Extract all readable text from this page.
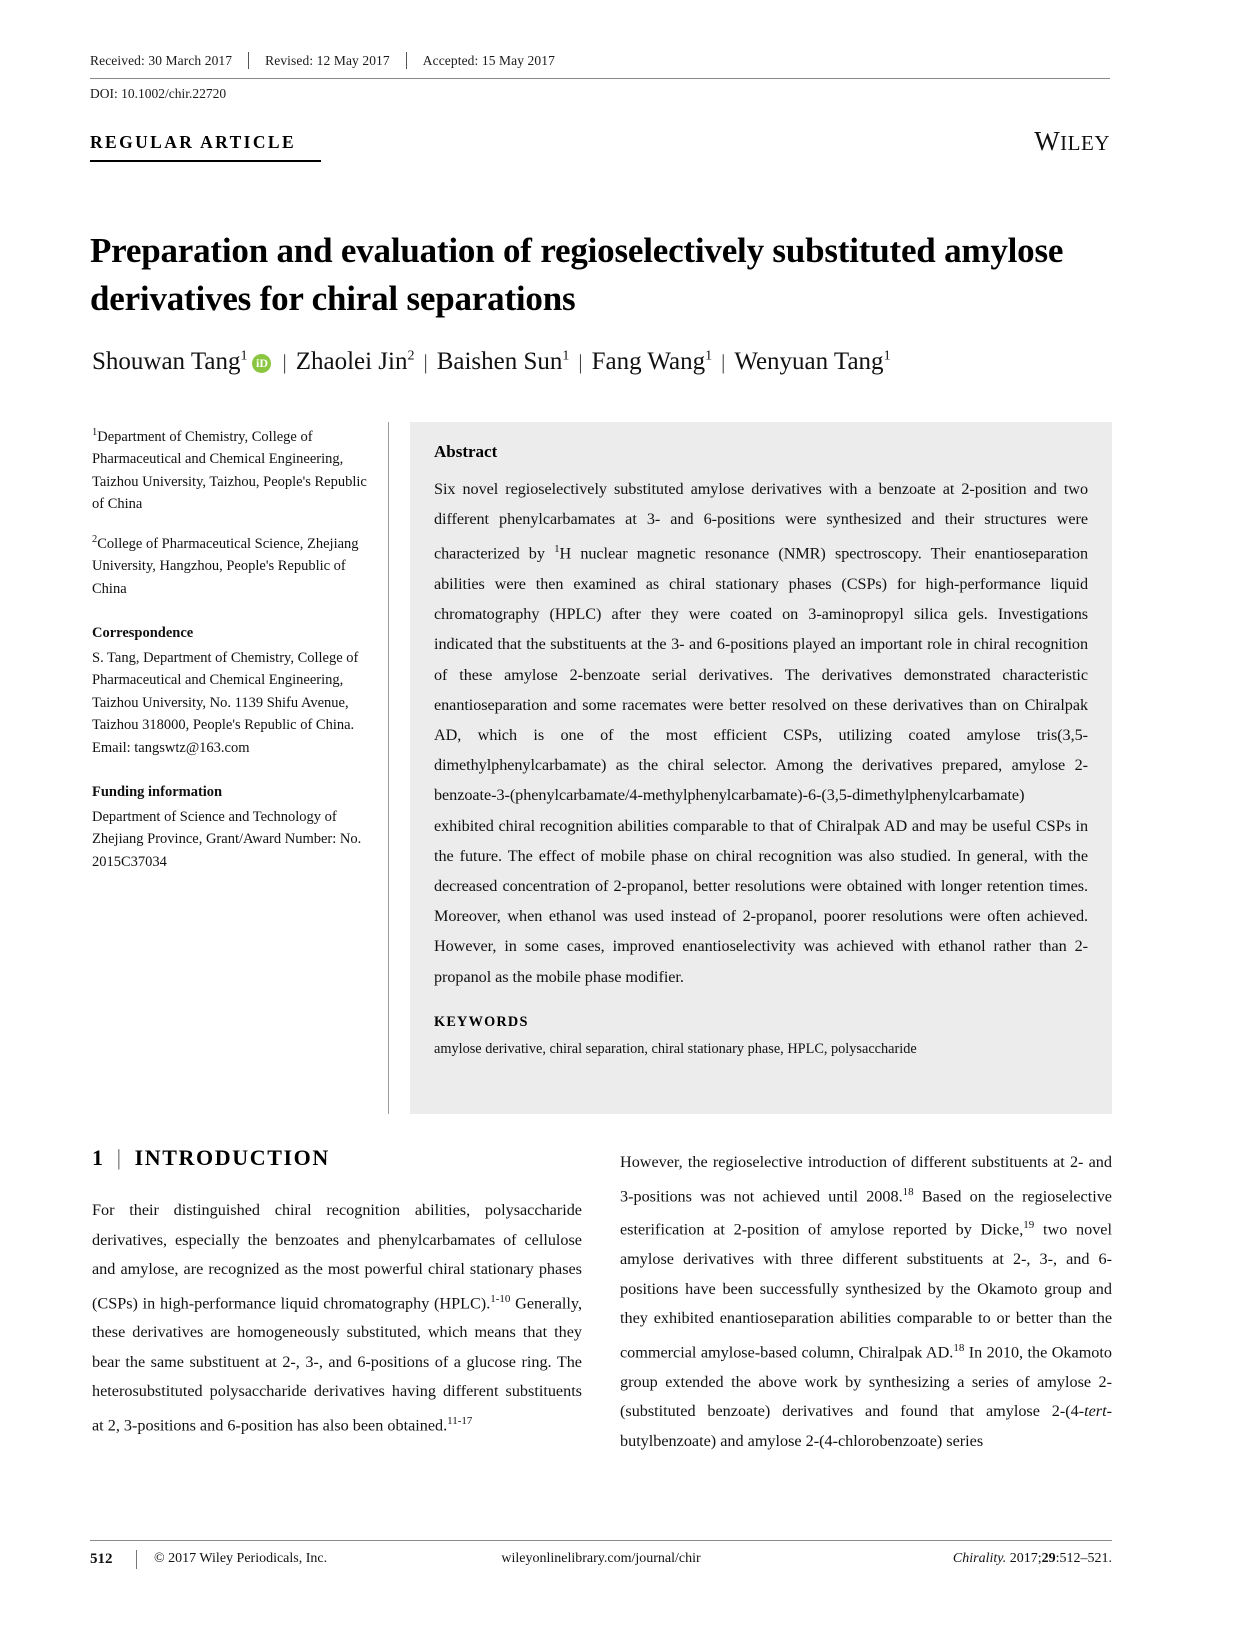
Received: 30 March 2017	Revised: 12 May 2017	Accepted: 15 May 2017
DOI: 10.1002/chir.22720
REGULAR ARTICLE	WILEY
Preparation and evaluation of regioselectively substituted amylose derivatives for chiral separations
Shouwan Tang$^1$ iD | Zhaolei Jin$^2$ | Baishen Sun$^1$ | Fang Wang$^1$ | Wenyuan Tang$^1$
$^1$Department of Chemistry, College of Pharmaceutical and Chemical Engineering, Taizhou University, Taizhou, People's Republic of China
$^2$College of Pharmaceutical Science, Zhejiang University, Hangzhou, People's Republic of China
Correspondence
S. Tang, Department of Chemistry, College of Pharmaceutical and Chemical Engineering, Taizhou University, No. 1139 Shifu Avenue, Taizhou 318000, People's Republic of China.
Email: tangswtz@163.com
Funding information
Department of Science and Technology of Zhejiang Province, Grant/Award Number: No. 2015C37034
Abstract
Six novel regioselectively substituted amylose derivatives with a benzoate at 2-position and two different phenylcarbamates at 3- and 6-positions were synthesized and their structures were characterized by $^1$H nuclear magnetic resonance (NMR) spectroscopy. Their enantioseparation abilities were then examined as chiral stationary phases (CSPs) for high-performance liquid chromatography (HPLC) after they were coated on 3-aminopropyl silica gels. Investigations indicated that the substituents at the 3- and 6-positions played an important role in chiral recognition of these amylose 2-benzoate serial derivatives. The derivatives demonstrated characteristic enantioseparation and some racemates were better resolved on these derivatives than on Chiralpak AD, which is one of the most efficient CSPs, utilizing coated amylose tris(3,5-dimethylphenylcarbamate) as the chiral selector. Among the derivatives prepared, amylose 2-benzoate-3-(phenylcarbamate/4-methylphenylcarbamate)-6-(3,5-dimethylphenylcarbamate) exhibited chiral recognition abilities comparable to that of Chiralpak AD and may be useful CSPs in the future. The effect of mobile phase on chiral recognition was also studied. In general, with the decreased concentration of 2-propanol, better resolutions were obtained with longer retention times. Moreover, when ethanol was used instead of 2-propanol, poorer resolutions were often achieved. However, in some cases, improved enantioselectivity was achieved with ethanol rather than 2-propanol as the mobile phase modifier.
KEYWORDS
amylose derivative, chiral separation, chiral stationary phase, HPLC, polysaccharide
1 | INTRODUCTION
For their distinguished chiral recognition abilities, polysaccharide derivatives, especially the benzoates and phenylcarbamates of cellulose and amylose, are recognized as the most powerful chiral stationary phases (CSPs) in high-performance liquid chromatography (HPLC).$^{1-10}$ Generally, these derivatives are homogeneously substituted, which means that they bear the same substituent at 2-, 3-, and 6-positions of a glucose ring. The heterosubstituted polysaccharide derivatives having different substituents at 2, 3-positions and 6-position has also been obtained.$^{11-17}$
However, the regioselective introduction of different substituents at 2- and 3-positions was not achieved until 2008.18 Based on the regioselective esterification at 2-position of amylose reported by Dicke,$^{19}$ two novel amylose derivatives with three different substituents at 2-, 3-, and 6-positions have been successfully synthesized by the Okamoto group and they exhibited enantioseparation abilities comparable to or better than the commercial amylose-based column, Chiralpak AD.$^{18}$ In 2010, the Okamoto group extended the above work by synthesizing a series of amylose 2-(substituted benzoate) derivatives and found that amylose 2-(4-tert-butylbenzoate) and amylose 2-(4-chlorobenzoate) series
512	© 2017 Wiley Periodicals, Inc.	wileyonlinelibrary.com/journal/chir	Chirality. 2017;29:512–521.
